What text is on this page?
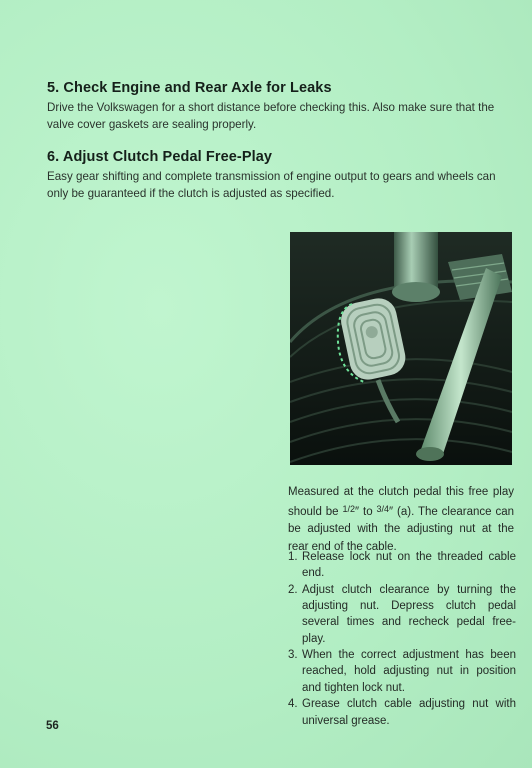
5. Check Engine and Rear Axle for Leaks

Drive the Volkswagen for a short distance before checking this. Also make sure that the valve cover gaskets are sealing properly.

6. Adjust Clutch Pedal Free-Play

Easy gear shifting and complete transmission of engine output to gears and wheels can only be guaranteed if the clutch is adjusted as specified.

Measured at the clutch pedal this free play should be $^{1/2}$″ to $^{3/4}$″ (a). The clearance can be adjusted with the adjusting nut at the rear end of the cable.

1. Release lock nut on the threaded cable end.
2. Adjust clutch clearance by turning the adjusting nut. Depress clutch pedal several times and recheck pedal free-play.
3. When the correct adjustment has been reached, hold adjusting nut in position and tighten lock nut.
4. Grease clutch cable adjusting nut with universal grease.
56
